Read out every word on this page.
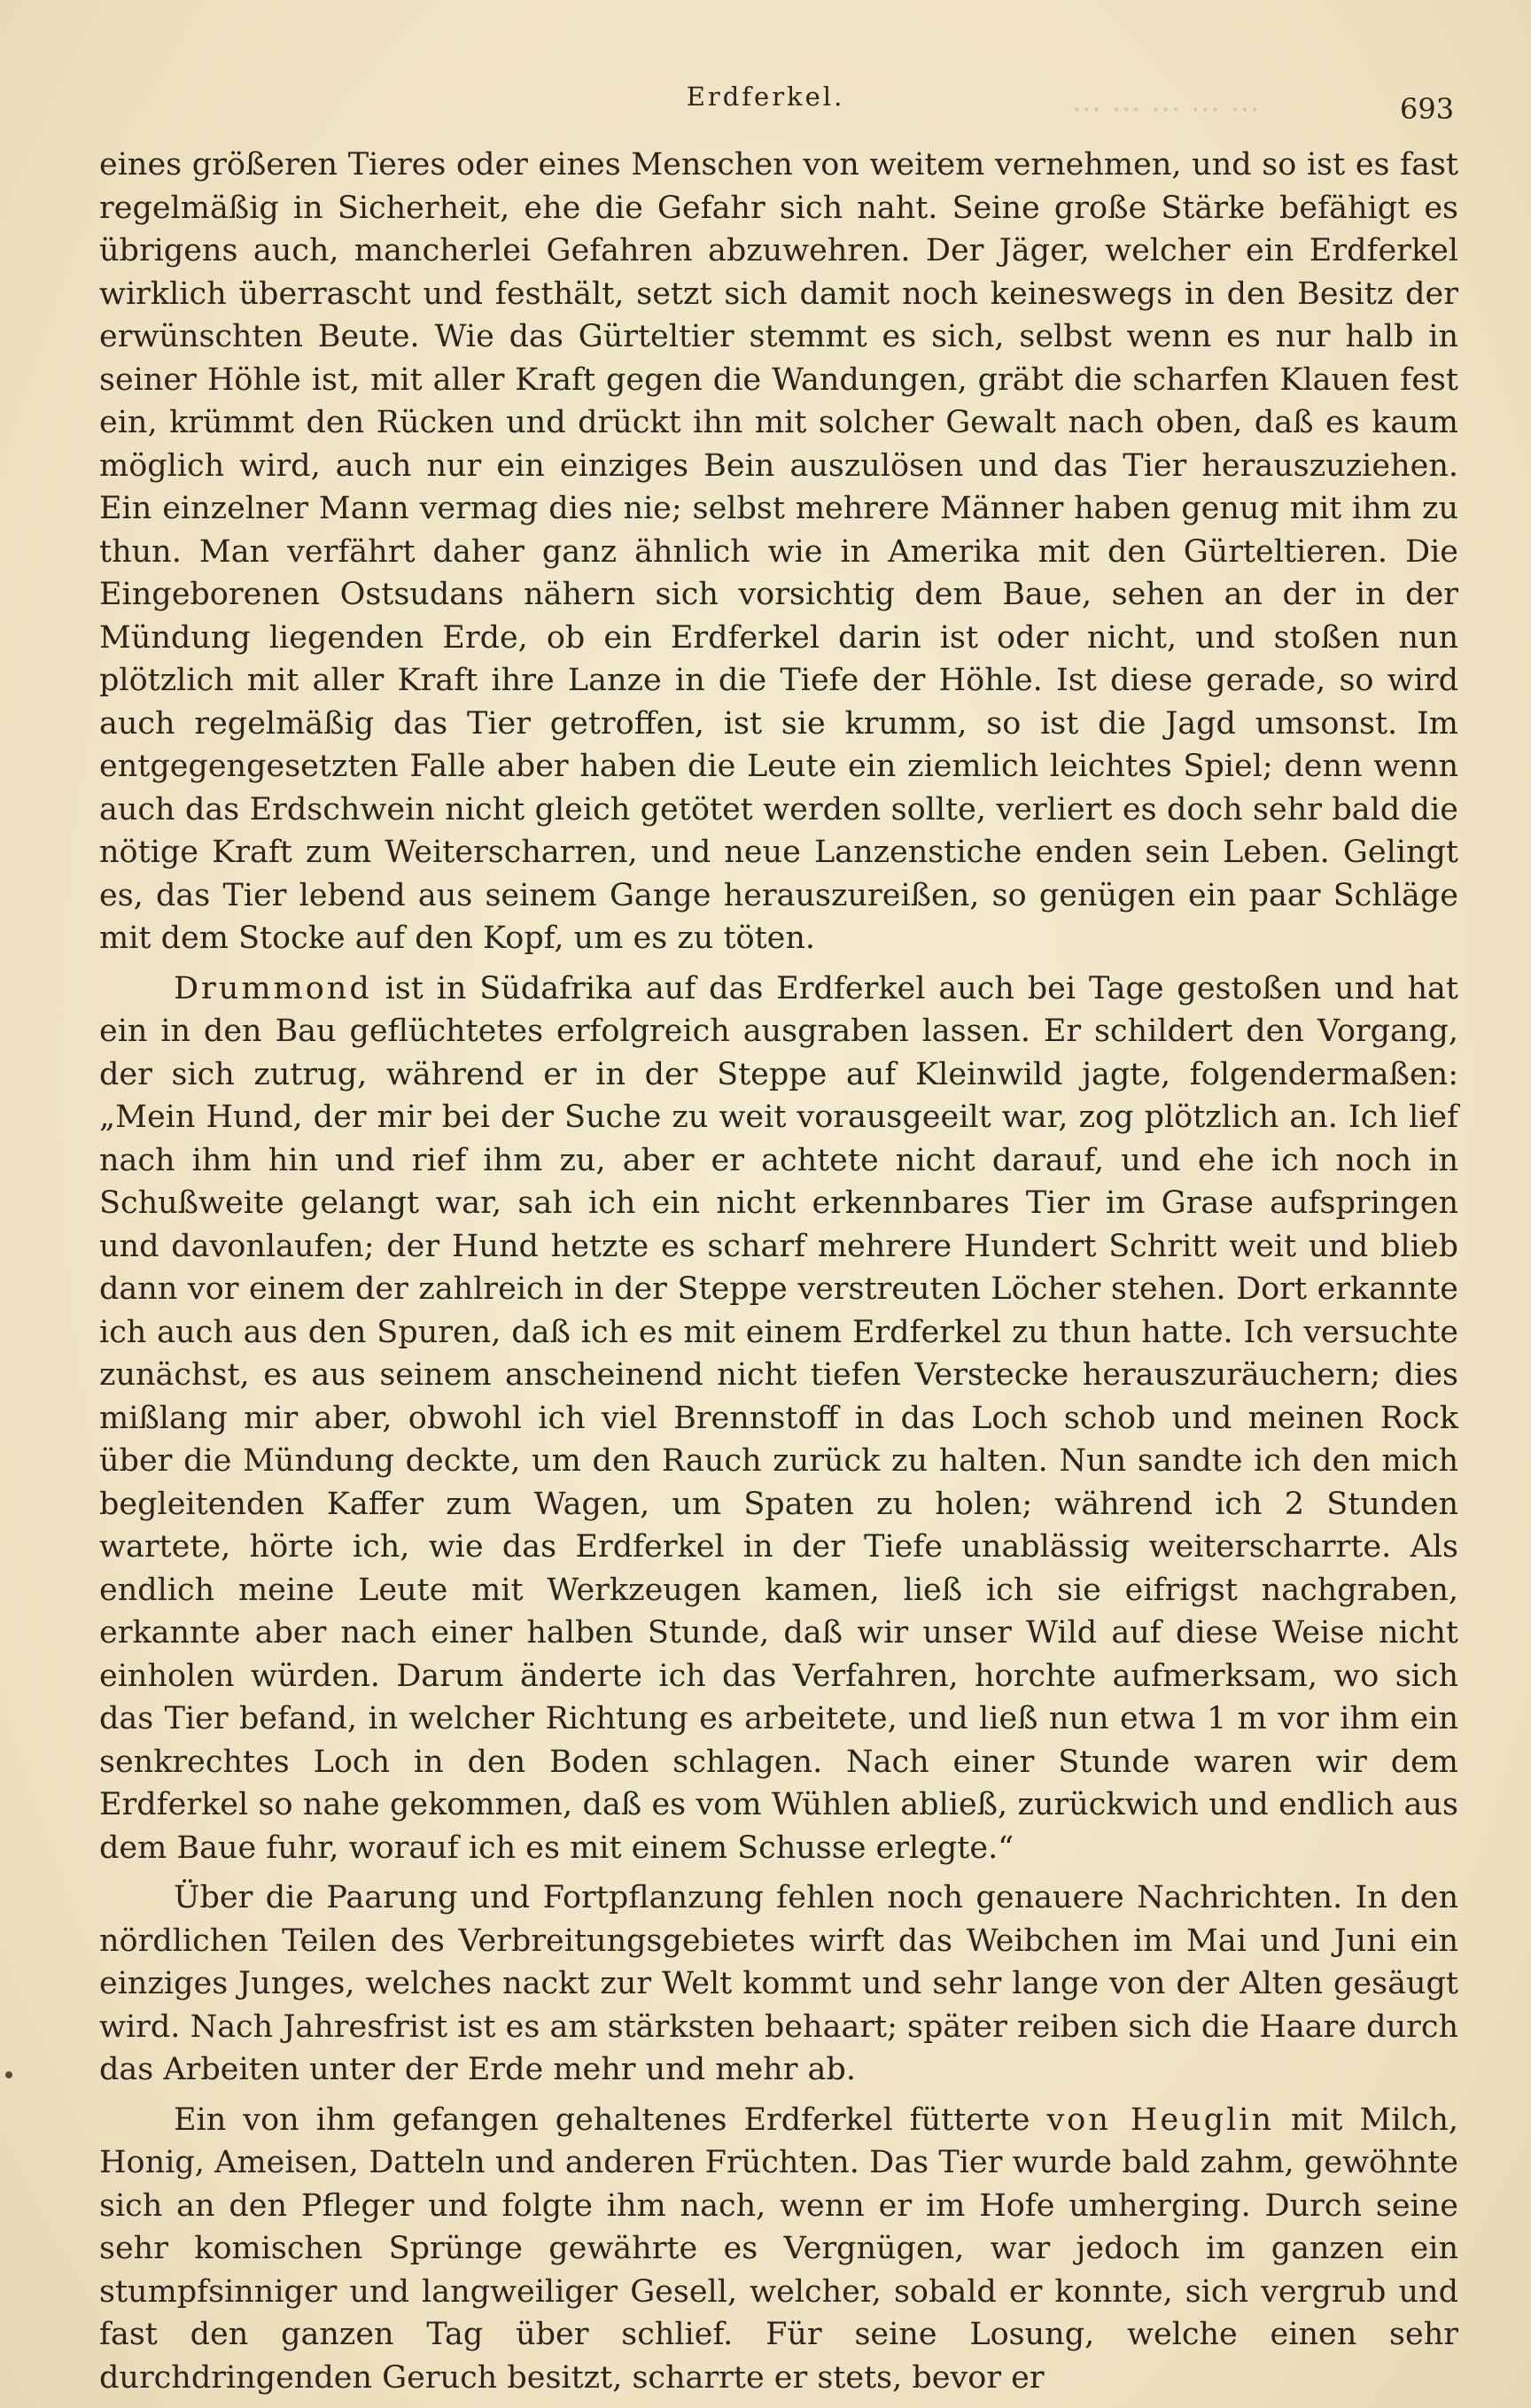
... ... ... ... ...
Erdferkel.	693

eines größeren Tieres oder eines Menschen von weitem vernehmen, und so ist es fast regelmäßig in Sicherheit, ehe die Gefahr sich naht. Seine große Stärke befähigt es übrigens auch, mancherlei Gefahren abzuwehren. Der Jäger, welcher ein Erdferkel wirklich überrascht und festhält, setzt sich damit noch keineswegs in den Besitz der erwünschten Beute. Wie das Gürteltier stemmt es sich, selbst wenn es nur halb in seiner Höhle ist, mit aller Kraft gegen die Wandungen, gräbt die scharfen Klauen fest ein, krümmt den Rücken und drückt ihn mit solcher Gewalt nach oben, daß es kaum möglich wird, auch nur ein einziges Bein auszulösen und das Tier herauszuziehen. Ein einzelner Mann vermag dies nie; selbst mehrere Männer haben genug mit ihm zu thun. Man verfährt daher ganz ähnlich wie in Amerika mit den Gürteltieren. Die Eingeborenen Ostsudans nähern sich vorsichtig dem Baue, sehen an der in der Mündung liegenden Erde, ob ein Erdferkel darin ist oder nicht, und stoßen nun plötzlich mit aller Kraft ihre Lanze in die Tiefe der Höhle. Ist diese gerade, so wird auch regelmäßig das Tier getroffen, ist sie krumm, so ist die Jagd umsonst. Im entgegengesetzten Falle aber haben die Leute ein ziemlich leichtes Spiel; denn wenn auch das Erdschwein nicht gleich getötet werden sollte, verliert es doch sehr bald die nötige Kraft zum Weiterscharren, und neue Lanzenstiche enden sein Leben. Gelingt es, das Tier lebend aus seinem Gange herauszureißen, so genügen ein paar Schläge mit dem Stocke auf den Kopf, um es zu töten.

Drummond ist in Südafrika auf das Erdferkel auch bei Tage gestoßen und hat ein in den Bau geflüchtetes erfolgreich ausgraben lassen. Er schildert den Vorgang, der sich zutrug, während er in der Steppe auf Kleinwild jagte, folgendermaßen: „Mein Hund, der mir bei der Suche zu weit vorausgeeilt war, zog plötzlich an. Ich lief nach ihm hin und rief ihm zu, aber er achtete nicht darauf, und ehe ich noch in Schußweite gelangt war, sah ich ein nicht erkennbares Tier im Grase aufspringen und davonlaufen; der Hund hetzte es scharf mehrere Hundert Schritt weit und blieb dann vor einem der zahlreich in der Steppe verstreuten Löcher stehen. Dort erkannte ich auch aus den Spuren, daß ich es mit einem Erdferkel zu thun hatte. Ich versuchte zunächst, es aus seinem anscheinend nicht tiefen Verstecke herauszuräuchern; dies mißlang mir aber, obwohl ich viel Brennstoff in das Loch schob und meinen Rock über die Mündung deckte, um den Rauch zurück zu halten. Nun sandte ich den mich begleitenden Kaffer zum Wagen, um Spaten zu holen; während ich 2 Stunden wartete, hörte ich, wie das Erdferkel in der Tiefe unablässig weiterscharrte. Als endlich meine Leute mit Werkzeugen kamen, ließ ich sie eifrigst nachgraben, erkannte aber nach einer halben Stunde, daß wir unser Wild auf diese Weise nicht einholen würden. Darum änderte ich das Verfahren, horchte aufmerksam, wo sich das Tier befand, in welcher Richtung es arbeitete, und ließ nun etwa 1 m vor ihm ein senkrechtes Loch in den Boden schlagen. Nach einer Stunde waren wir dem Erdferkel so nahe gekommen, daß es vom Wühlen abließ, zurückwich und endlich aus dem Baue fuhr, worauf ich es mit einem Schusse erlegte.“

Über die Paarung und Fortpflanzung fehlen noch genauere Nachrichten. In den nördlichen Teilen des Verbreitungsgebietes wirft das Weibchen im Mai und Juni ein einziges Junges, welches nackt zur Welt kommt und sehr lange von der Alten gesäugt wird. Nach Jahresfrist ist es am stärksten behaart; später reiben sich die Haare durch das Arbeiten unter der Erde mehr und mehr ab.

Ein von ihm gefangen gehaltenes Erdferkel fütterte von Heuglin mit Milch, Honig, Ameisen, Datteln und anderen Früchten. Das Tier wurde bald zahm, gewöhnte sich an den Pfleger und folgte ihm nach, wenn er im Hofe umherging. Durch seine sehr komischen Sprünge gewährte es Vergnügen, war jedoch im ganzen ein stumpfsinniger und langweiliger Gesell, welcher, sobald er konnte, sich vergrub und fast den ganzen Tag über schlief. Für seine Losung, welche einen sehr durchdringenden Geruch besitzt, scharrte er stets, bevor er
